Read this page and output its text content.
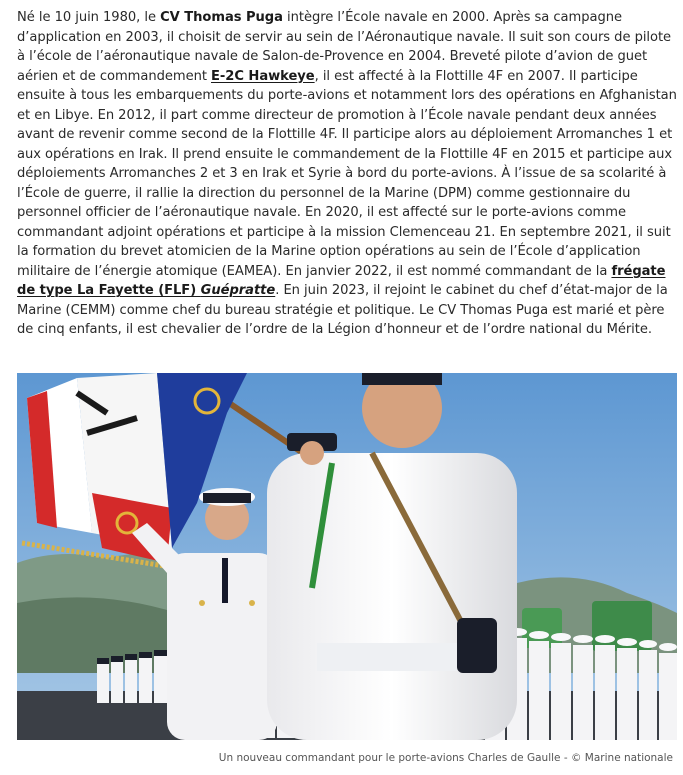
Né le 10 juin 1980, le CV Thomas Puga intègre l’École navale en 2000. Après sa campagne d’application en 2003, il choisit de servir au sein de l’Aéronautique navale. Il suit son cours de pilote à l’école de l’aéronautique navale de Salon-de-Provence en 2004. Breveté pilote d’avion de guet aérien et de commandement E-2C Hawkeye, il est affecté à la Flottille 4F en 2007. Il participe ensuite à tous les embarquements du porte-avions et notamment lors des opérations en Afghanistan et en Libye. En 2012, il part comme directeur de promotion à l’École navale pendant deux années avant de revenir comme second de la Flottille 4F. Il participe alors au déploiement Arromanches 1 et aux opérations en Irak. Il prend ensuite le commandement de la Flottille 4F en 2015 et participe aux déploiements Arromanches 2 et 3 en Irak et Syrie à bord du porte-avions. À l’issue de sa scolarité à l’École de guerre, il rallie la direction du personnel de la Marine (DPM) comme gestionnaire du personnel officier de l’aéronautique navale. En 2020, il est affecté sur le porte-avions comme commandant adjoint opérations et participe à la mission Clemenceau 21. En septembre 2021, il suit la formation du brevet atomicien de la Marine option opérations au sein de l’École d’application militaire de l’énergie atomique (EAMEA). En janvier 2022, il est nommé commandant de la frégate de type La Fayette (FLF) Guépratte. En juin 2023, il rejoint le cabinet du chef d’état-major de la Marine (CEMM) comme chef du bureau stratégie et politique. Le CV Thomas Puga est marié et père de cinq enfants, il est chevalier de l’ordre de la Légion d’honneur et de l’ordre national du Mérite.

Un nouveau commandant pour le porte-avions Charles de Gaulle - © Marine nationale
